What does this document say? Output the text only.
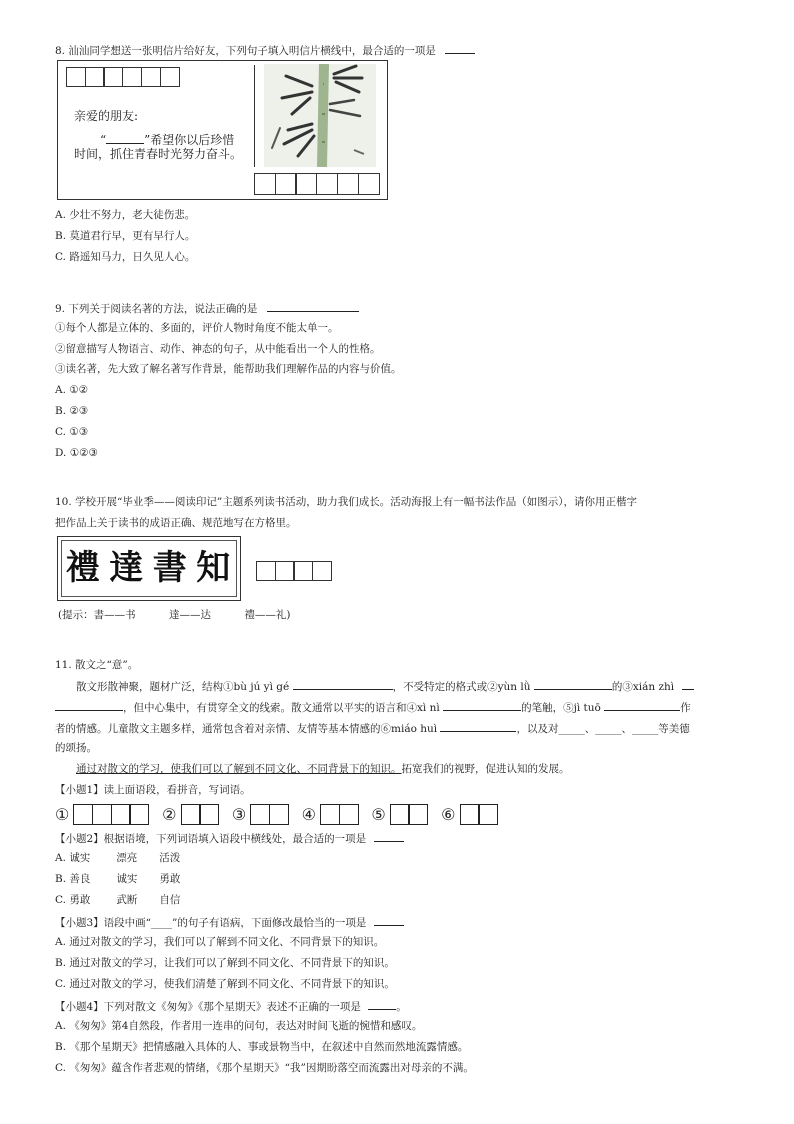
8. 汕汕同学想送一张明信片给好友，下列句子填入明信片横线中，最合适的一项是
亲爱的朋友:
“	”希望你以后珍惜
时间，抓住青春时光努力奋斗。
A. 少壮不努力，老大徒伤悲。
B. 莫道君行早，更有早行人。
C. 路遥知马力，日久见人心。
9. 下列关于阅读名著的方法，说法正确的是
①每个人都是立体的、多面的，评价人物时角度不能太单一。
②留意描写人物语言、动作、神态的句子，从中能看出一个人的性格。
③读名著，先大致了解名著写作背景，能帮助我们理解作品的内容与价值。
A. ①②
B. ②③
C. ①③
D. ①②③
10. 学校开展“毕业季——阅读印记”主题系列读书活动，助力我们成长。活动海报上有一幅书法作品（如图示），请你用正楷字
把作品上关于读书的成语正确、规范地写在方格里。
禮 達 書 知
(提示：書——书          達——达          禮——礼)
11. 散文之“意”。
散文形散神聚，题材广泛，结构①bù jú yì gé	，不受特定的格式或②yùn lǜ	的③xián zhì
，但中心集中，有贯穿全文的线索。散文通常以平实的语言和④xì nì	的笔触，⑤jì tuō	作
者的情感。儿童散文主题多样，通常包含着对亲情、友情等基本情感的⑥miáo huì	，以及对_____、_____、_____等美德
的颂扬。
通过对散文的学习，使我们可以了解到不同文化、不同背景下的知识。拓宽我们的视野，促进认知的发展。
【小题1】读上面语段，看拼音，写词语。
①	②	③	④	⑤	⑥
【小题2】根据语境，下列词语填入语段中横线处，最合适的一项是
A. 诚实 漂亮 活泼
B. 善良 诚实 勇敢
C. 勇敢 武断 自信
【小题3】语段中画“____”的句子有语病，下面修改最恰当的一项是
A. 通过对散文的学习，我们可以了解到不同文化、不同背景下的知识。
B. 通过对散文的学习，让我们可以了解到不同文化、不同背景下的知识。
C. 通过对散文的学习，使我们清楚了解到不同文化、不同背景下的知识。
【小题4】下列对散文《匆匆》《那个星期天》表述不正确的一项是	。
A. 《匆匆》第4自然段，作者用一连串的问句，表达对时间飞逝的惋惜和感叹。
B. 《那个星期天》把情感融入具体的人、事或景物当中，在叙述中自然而然地流露情感。
C. 《匆匆》蕴含作者悲观的情绪，《那个星期天》“我”因期盼落空而流露出对母亲的不满。
